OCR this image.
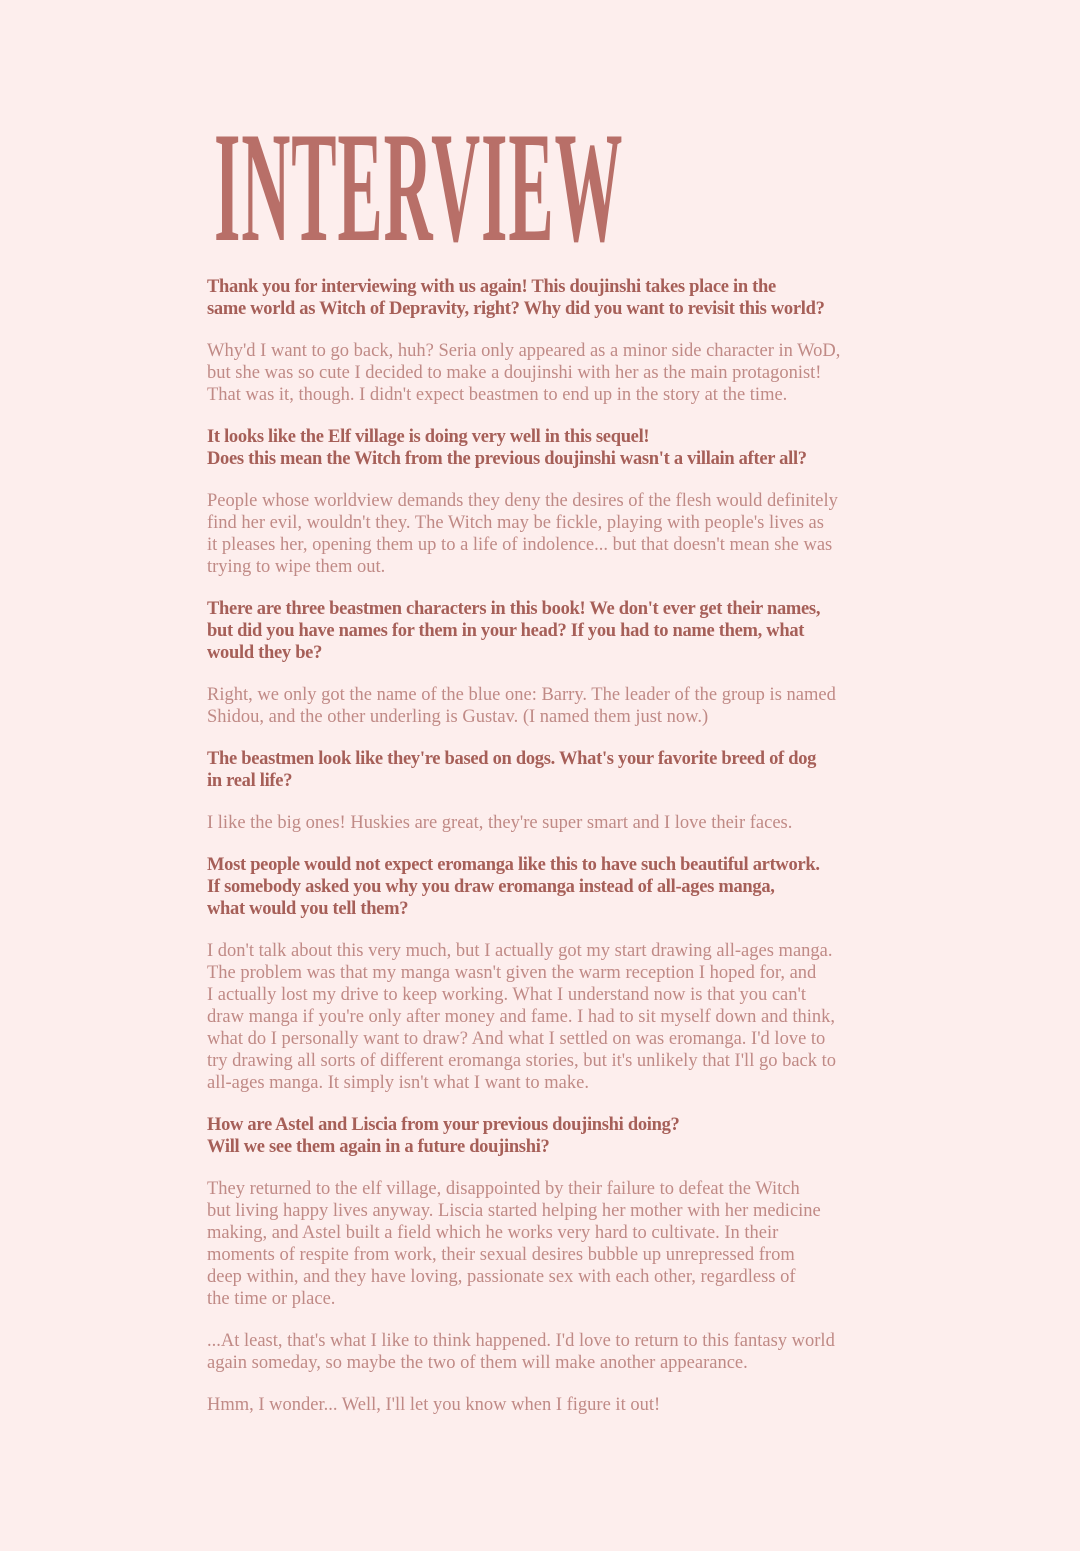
INTERVIEW

Thank you for interviewing with us again! This doujinshi takes place in the
same world as Witch of Depravity, right? Why did you want to revisit this world?

Why'd I want to go back, huh? Seria only appeared as a minor side character in WoD,
but she was so cute I decided to make a doujinshi with her as the main protagonist!
That was it, though. I didn't expect beastmen to end up in the story at the time.

It looks like the Elf village is doing very well in this sequel!
Does this mean the Witch from the previous doujinshi wasn't a villain after all?

People whose worldview demands they deny the desires of the flesh would definitely
find her evil, wouldn't they. The Witch may be fickle, playing with people's lives as
it pleases her, opening them up to a life of indolence... but that doesn't mean she was
trying to wipe them out.

There are three beastmen characters in this book! We don't ever get their names,
but did you have names for them in your head? If you had to name them, what
would they be?

Right, we only got the name of the blue one: Barry. The leader of the group is named
Shidou, and the other underling is Gustav. (I named them just now.)

The beastmen look like they're based on dogs. What's your favorite breed of dog
in real life?

I like the big ones! Huskies are great, they're super smart and I love their faces.

Most people would not expect eromanga like this to have such beautiful artwork.
If somebody asked you why you draw eromanga instead of all-ages manga,
what would you tell them?

I don't talk about this very much, but I actually got my start drawing all-ages manga.
The problem was that my manga wasn't given the warm reception I hoped for, and
I actually lost my drive to keep working. What I understand now is that you can't
draw manga if you're only after money and fame. I had to sit myself down and think,
what do I personally want to draw? And what I settled on was eromanga. I'd love to
try drawing all sorts of different eromanga stories, but it's unlikely that I'll go back to
all-ages manga. It simply isn't what I want to make.

How are Astel and Liscia from your previous doujinshi doing?
Will we see them again in a future doujinshi?

They returned to the elf village, disappointed by their failure to defeat the Witch
but living happy lives anyway. Liscia started helping her mother with her medicine
making, and Astel built a field which he works very hard to cultivate. In their
moments of respite from work, their sexual desires bubble up unrepressed from
deep within, and they have loving, passionate sex with each other, regardless of
the time or place.

...At least, that's what I like to think happened. I'd love to return to this fantasy world
again someday, so maybe the two of them will make another appearance.

Hmm, I wonder... Well, I'll let you know when I figure it out!
